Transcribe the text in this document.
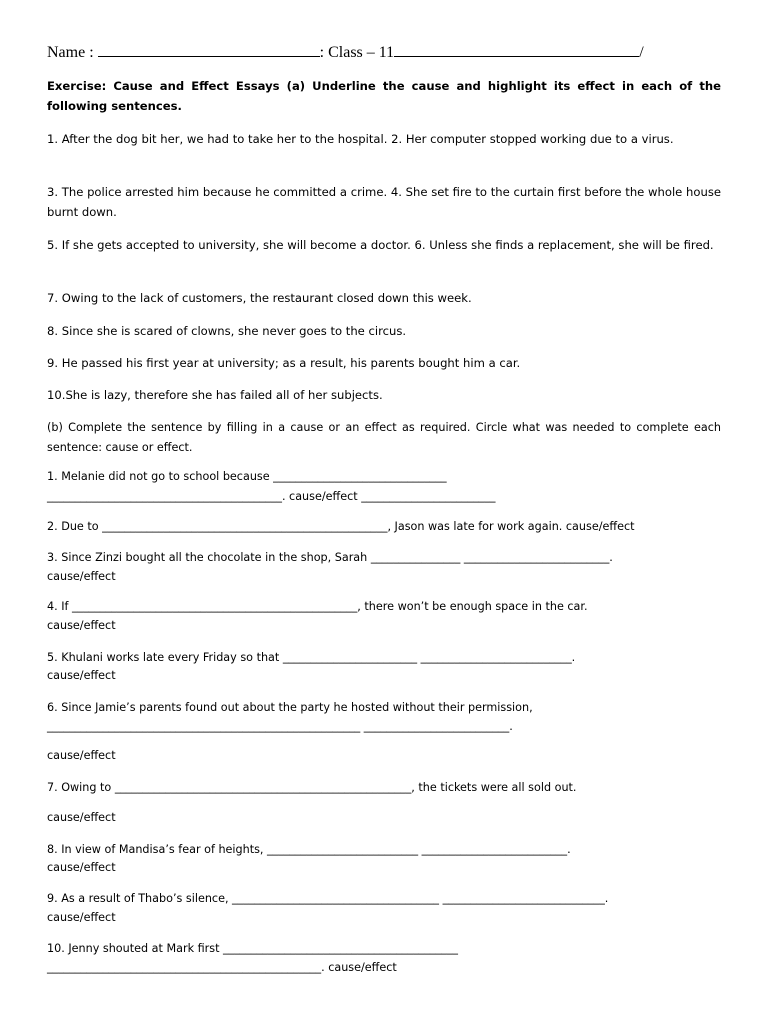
Name :	: Class – 11	/
Exercise: Cause and Effect Essays (a) Underline the cause and highlight its effect in each of the following sentences.
1. After the dog bit her, we had to take her to the hospital. 2. Her computer stopped working due to a virus.
3. The police arrested him because he committed a crime. 4. She set fire to the curtain first before the whole house burnt down.
5. If she gets accepted to university, she will become a doctor. 6. Unless she finds a replacement, she will be fired.
7. Owing to the lack of customers, the restaurant closed down this week.
8. Since she is scared of clowns, she never goes to the circus.
9. He passed his first year at university; as a result, his parents bought him a car.
10.She is lazy, therefore she has failed all of her subjects.
(b) Complete the sentence by filling in a cause or an effect as required. Circle what was needed to complete each sentence: cause or effect.
1. Melanie did not go to school because _______________________________
__________________________________________. cause/effect ________________________
2. Due to ___________________________________________________, Jason was late for work again. cause/effect
3. Since Zinzi bought all the chocolate in the shop, Sarah ________________ __________________________.
cause/effect
4. If ___________________________________________________, there won’t be enough space in the car.
cause/effect
5. Khulani works late every Friday so that ________________________ ___________________________.
cause/effect
6. Since Jamie’s parents found out about the party he hosted without their permission,
________________________________________________________ __________________________.
cause/effect
7. Owing to _____________________________________________________, the tickets were all sold out.
cause/effect
8. In view of Mandisa’s fear of heights, ___________________________ __________________________.
cause/effect
9. As a result of Thabo’s silence, _____________________________________ _____________________________.
cause/effect
10. Jenny shouted at Mark first __________________________________________
_________________________________________________. cause/effect
